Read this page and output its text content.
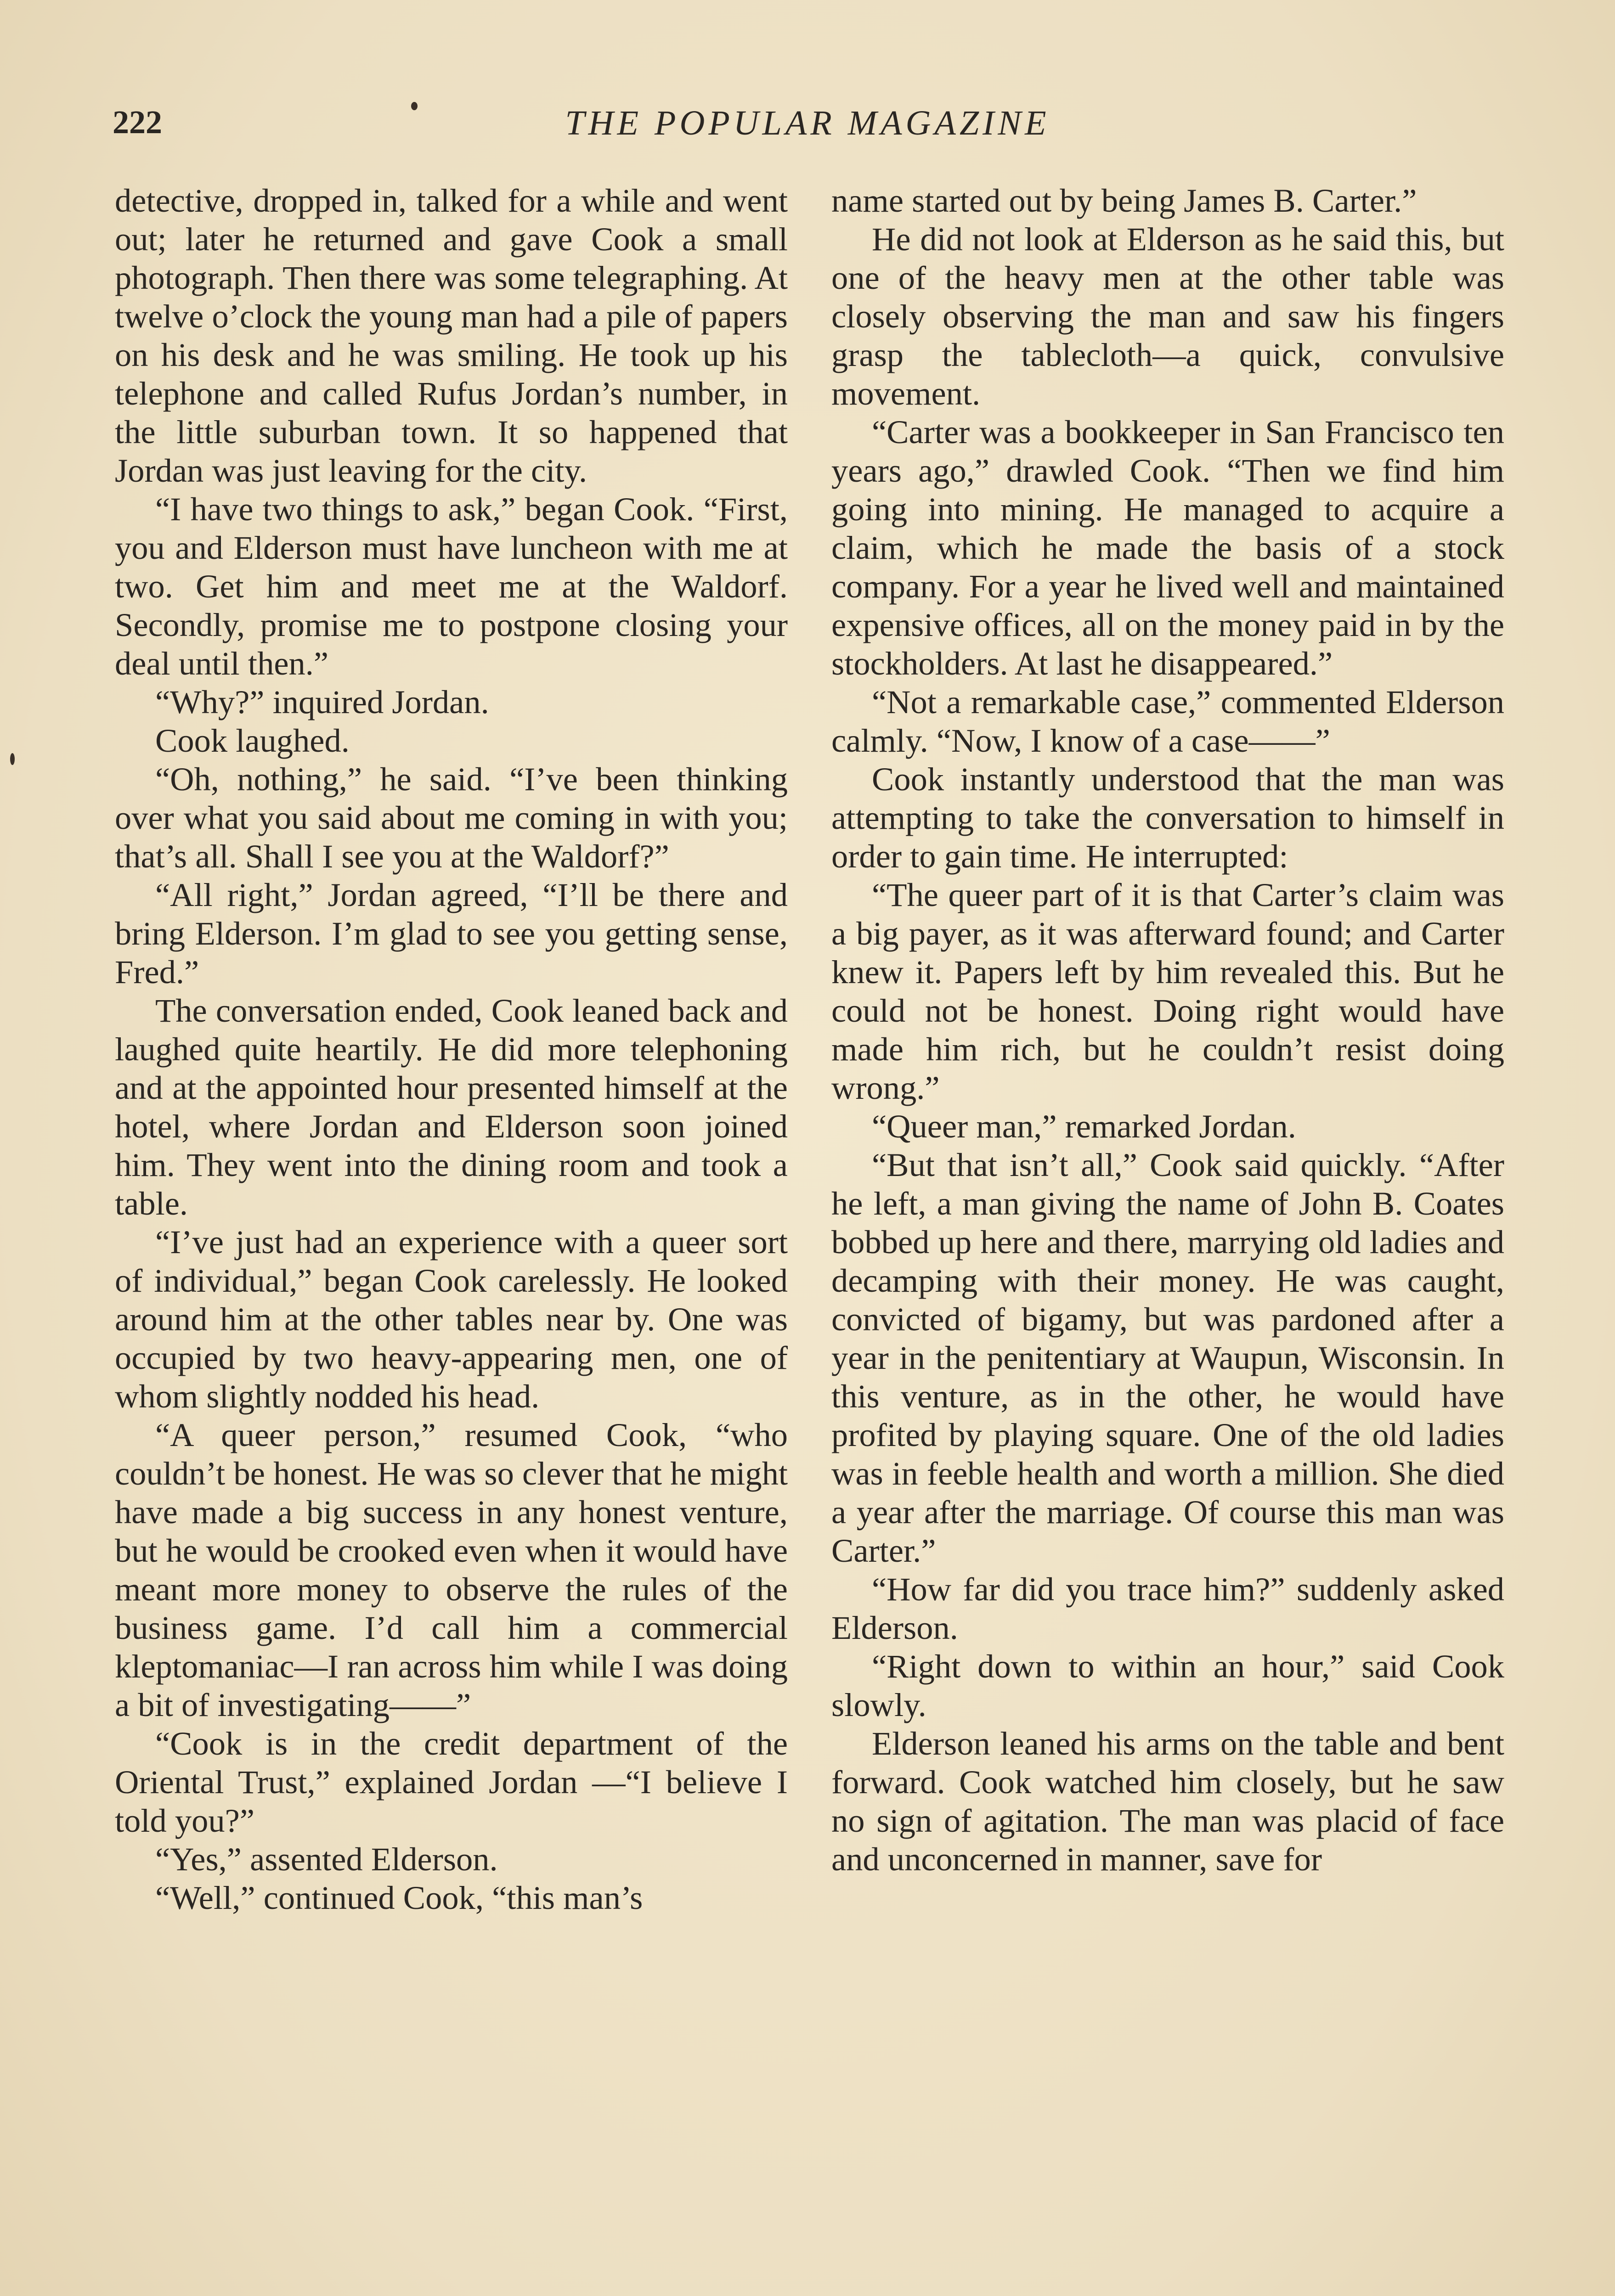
222	THE POPULAR MAGAZINE

detective, dropped in, talked for a while and went out; later he returned and gave Cook a small photograph. Then there was some telegraphing. At twelve o’clock the young man had a pile of papers on his desk and he was smiling. He took up his telephone and called Rufus Jordan’s number, in the little suburban town. It so happened that Jordan was just leaving for the city.

“I have two things to ask,” began Cook. “First, you and Elderson must have luncheon with me at two. Get him and meet me at the Waldorf. Secondly, promise me to postpone closing your deal until then.”

“Why?” inquired Jordan.

Cook laughed.

“Oh, nothing,” he said. “I’ve been thinking over what you said about me coming in with you; that’s all. Shall I see you at the Waldorf?”

“All right,” Jordan agreed, “I’ll be there and bring Elderson. I’m glad to see you getting sense, Fred.”

The conversation ended, Cook leaned back and laughed quite heartily. He did more telephoning and at the appointed hour presented himself at the hotel, where Jordan and Elderson soon joined him. They went into the dining room and took a table.

“I’ve just had an experience with a queer sort of individual,” began Cook carelessly. He looked around him at the other tables near by. One was occupied by two heavy-appearing men, one of whom slightly nodded his head.

“A queer person,” resumed Cook, “who couldn’t be honest. He was so clever that he might have made a big success in any honest venture, but he would be crooked even when it would have meant more money to observe the rules of the business game. I’d call him a commercial kleptomaniac—I ran across him while I was doing a bit of investigating——”

“Cook is in the credit department of the Oriental Trust,” explained Jordan —“I believe I told you?”

“Yes,” assented Elderson.

“Well,” continued Cook, “this man’s

name started out by being James B. Carter.”

He did not look at Elderson as he said this, but one of the heavy men at the other table was closely observing the man and saw his fingers grasp the tablecloth—a quick, convulsive movement.

“Carter was a bookkeeper in San Francisco ten years ago,” drawled Cook. “Then we find him going into mining. He managed to acquire a claim, which he made the basis of a stock company. For a year he lived well and maintained expensive offices, all on the money paid in by the stockholders. At last he disappeared.”

“Not a remarkable case,” commented Elderson calmly. “Now, I know of a case——”

Cook instantly understood that the man was attempting to take the conversation to himself in order to gain time. He interrupted:

“The queer part of it is that Carter’s claim was a big payer, as it was afterward found; and Carter knew it. Papers left by him revealed this. But he could not be honest. Doing right would have made him rich, but he couldn’t resist doing wrong.”

“Queer man,” remarked Jordan.

“But that isn’t all,” Cook said quickly. “After he left, a man giving the name of John B. Coates bobbed up here and there, marrying old ladies and decamping with their money. He was caught, convicted of bigamy, but was pardoned after a year in the penitentiary at Waupun, Wisconsin. In this venture, as in the other, he would have profited by playing square. One of the old ladies was in feeble health and worth a million. She died a year after the marriage. Of course this man was Carter.”

“How far did you trace him?” suddenly asked Elderson.

“Right down to within an hour,” said Cook slowly.

Elderson leaned his arms on the table and bent forward. Cook watched him closely, but he saw no sign of agitation. The man was placid of face and unconcerned in manner, save for
